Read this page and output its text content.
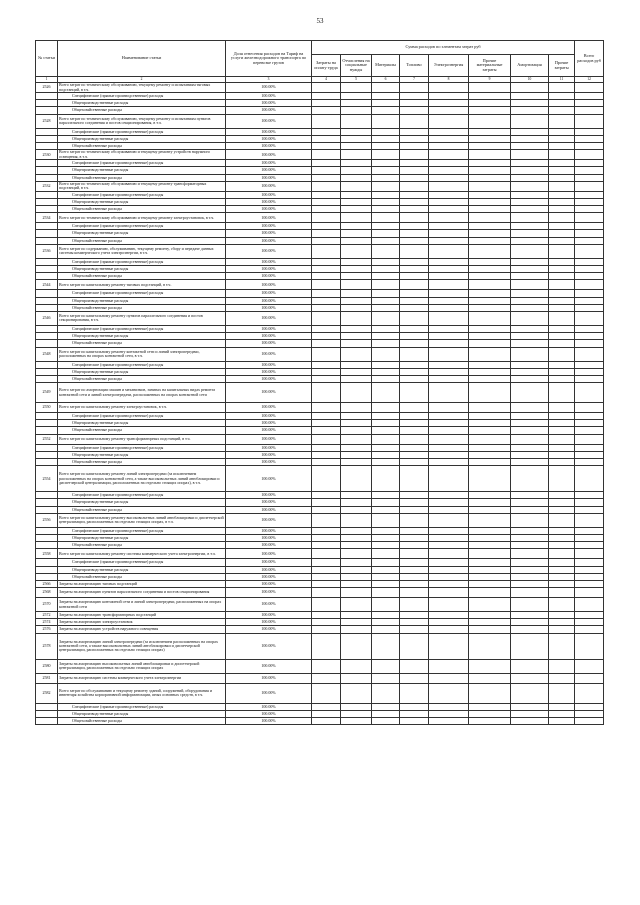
53
№ статьи	Наименование статьи	Доля отнесения расходов на Тариф на услуги железнодорожного транспорта по перевозке грузов	Сумма расходов по элементам затрат руб								Всего расходов руб
			Затраты на оплату труда	Отчисления на социальные нужды	Материалы	Топливо	Электроэнергия	Прочие материальные затраты	Амортизация	Прочие затраты	
1	2	3	4	5	6	7	8	9	10	11	12
2526	Всего затрат по техническому обслуживанию, текущему ремонту и испытаниям тяговых подстанций, в т.ч.	100.00%									
	Специфические (прямые производственные) расходы	100.00%									
	Общепроизводственные расходы	100.00%									
	Общехозяйственные расходы	100.00%									
2528	Всего затрат по техническому обслуживанию, текущему ремонту и испытаниям пунктов параллельного соединения и постов секционирования, в т.ч.	100.00%									
	Специфические (прямые производственные) расходы	100.00%									
	Общепроизводственные расходы	100.00%									
	Общехозяйственные расходы	100.00%									
2530	Всего затрат по техническому обслуживанию и текущему ремонту устройств наружного освещения, в т.ч.	100.00%									
	Специфические (прямые производственные) расходы	100.00%									
	Общепроизводственные расходы	100.00%									
	Общехозяйственные расходы	100.00%									
2532	Всего затрат по техническому обслуживанию и текущему ремонту трансформаторных подстанций, в т.ч.	100.00%									
	Специфические (прямые производственные) расходы	100.00%									
	Общепроизводственные расходы	100.00%									
	Общехозяйственные расходы	100.00%									
2534	Всего затрат по техническому обслуживанию и текущему ремонту электроустановок, в т.ч.	100.00%									
	Специфические (прямые производственные) расходы	100.00%									
	Общепроизводственные расходы	100.00%									
	Общехозяйственные расходы	100.00%									
2536	Всего затрат по содержанию, обслуживанию, текущему ремонту, сбору и передаче данных системы коммерческого учета электроэнергии, в т.ч.	100.00%									
	Специфические (прямые производственные) расходы	100.00%									
	Общепроизводственные расходы	100.00%									
	Общехозяйственные расходы	100.00%									
2544	Всего затрат по капитальному ремонту тяговых подстанций, в т.ч.	100.00%									
	Специфические (прямые производственные) расходы	100.00%									
	Общепроизводственные расходы	100.00%									
	Общехозяйственные расходы	100.00%									
2546	Всего затрат по капитальному ремонту пунктов параллельного соединения и постов секционирования, в т.ч.	100.00%									
	Специфические (прямые производственные) расходы	100.00%									
	Общепроизводственные расходы	100.00%									
	Общехозяйственные расходы	100.00%									
2548	Всего затрат по капитальному ремонту контактной сети и линий электропередачи, расположенных на опорах контактной сети, в т.ч.	100.00%									
	Специфические (прямые производственные) расходы	100.00%									
	Общепроизводственные расходы	100.00%									
	Общехозяйственные расходы	100.00%									
2549	Всего затрат по амортизации машин и механизмов, занятых на капитальных видах ремонта контактной сети и линий электропередачи, расположенных на опорах контактной сети	100.00%									
2550	Всего затрат по капитальному ремонту электроустановок, в т.ч.	100.00%									
	Специфические (прямые производственные) расходы	100.00%									
	Общепроизводственные расходы	100.00%									
	Общехозяйственные расходы	100.00%									
2552	Всего затрат по капитальному ремонту трансформаторных подстанций, в т.ч.	100.00%									
	Специфические (прямые производственные) расходы	100.00%									
	Общепроизводственные расходы	100.00%									
	Общехозяйственные расходы	100.00%									
2554	Всего затрат по капитальному ремонту линий электропередачи (за исключением расположенных на опорах контактной сети, а также высоковольтных линий автоблокировки и диспетчерской централизации, расположенных на отдельно стоящих опорах), в т.ч.	100.00%									
	Специфические (прямые производственные) расходы	100.00%									
	Общепроизводственные расходы	100.00%									
	Общехозяйственные расходы	100.00%									
2556	Всего затрат по капитальному ремонту высоковольтных линий автоблокировки и диспетчерской централизации, расположенных на отдельно стоящих опорах, в т.ч.	100.00%									
	Специфические (прямые производственные) расходы	100.00%									
	Общепроизводственные расходы	100.00%									
	Общехозяйственные расходы	100.00%									
2558	Всего затрат по капитальному ремонту системы коммерческого учета электроэнергии, в т.ч.	100.00%									
	Специфические (прямые производственные) расходы	100.00%									
	Общепроизводственные расходы	100.00%									
	Общехозяйственные расходы	100.00%									
2566	Затраты на амортизацию тяговых подстанций	100.00%									
2568	Затраты на амортизацию пунктов параллельного соединения и постов секционирования	100.00%									
2570	Затраты на амортизацию контактной сети и линий электропередачи, расположенных на опорах контактной сети	100.00%									
2572	Затраты на амортизацию трансформаторных подстанций	100.00%									
2574	Затраты на амортизацию электроустановок	100.00%									
2576	Затраты на амортизацию устройств наружного освещения	100.00%									
2578	Затраты на амортизацию линий электропередачи (за исключением расположенных на опорах контактной сети, а также высоковольтных линий автоблокировки и диспетчерской централизации, расположенных на отдельно стоящих опорах)	100.00%									
2580	Затраты на амортизацию высоковольтных линий автоблокировки и диспетчерской централизации, расположенных на отдельно стоящих опорах	100.00%									
2581	Затраты на амортизацию системы коммерческого учета электроэнергии	100.00%									
2582	Всего затрат по обслуживанию и текущему ремонту зданий, сооружений, оборудования и инвентаря хозяйства корпоративной информатизации, иных основных средств, в т.ч.	100.00%									
	Специфические (прямые производственные) расходы	100.00%									
	Общепроизводственные расходы	100.00%									
	Общехозяйственные расходы	100.00%									
